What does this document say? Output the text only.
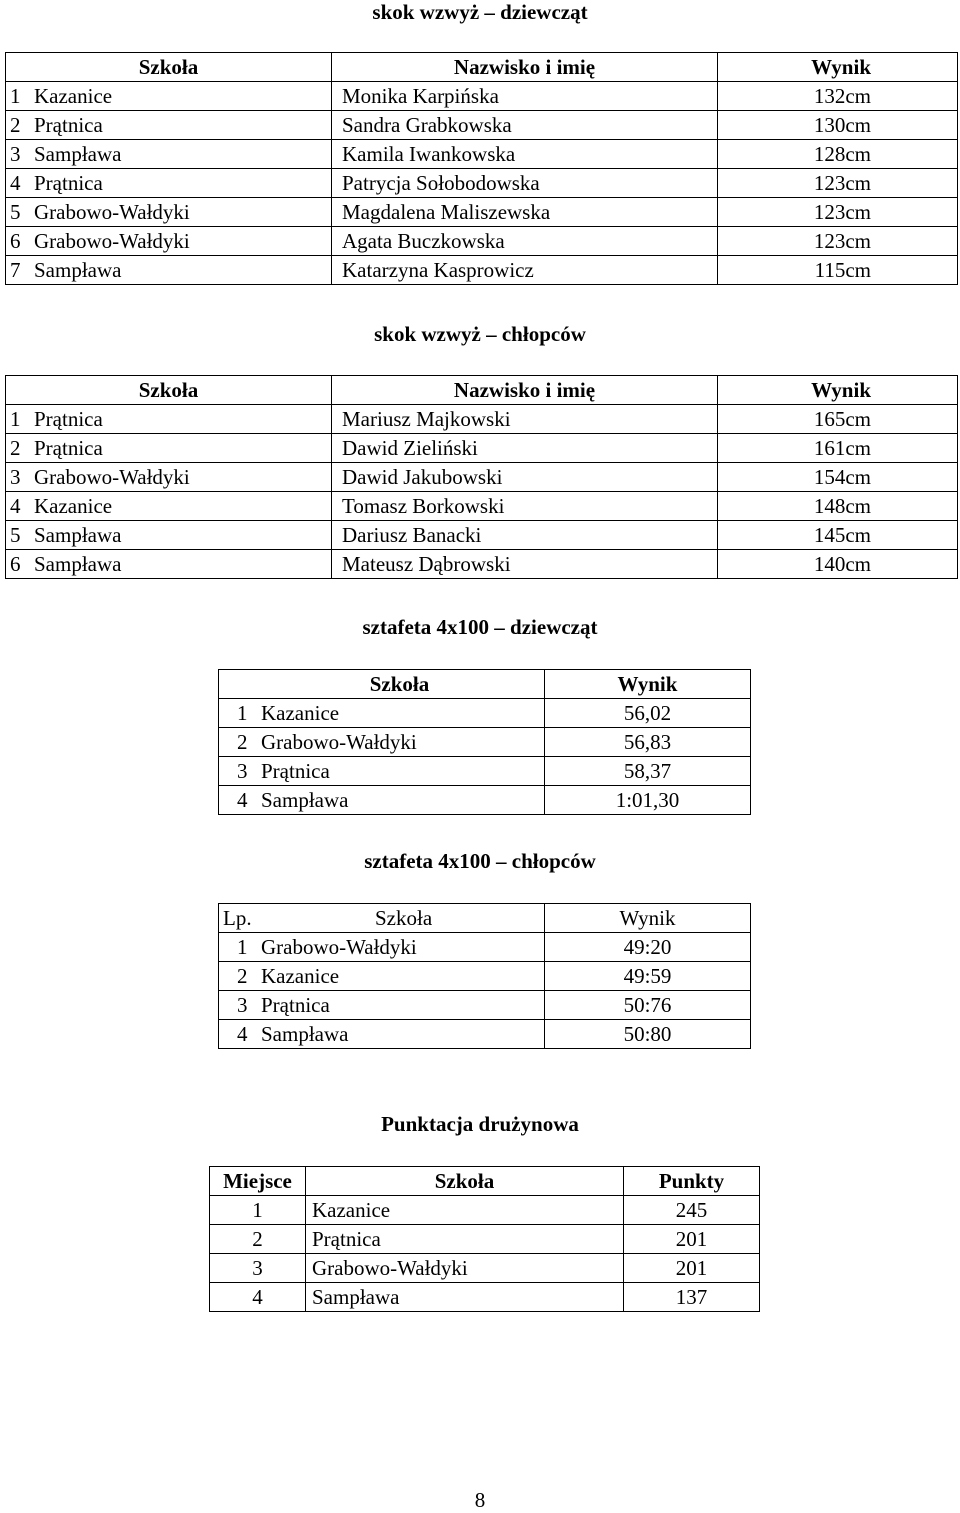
skok wzwyż – dziewcząt
Szkoła	Nazwisko i imię	Wynik
1 Kazanice	Monika Karpińska	132cm
2 Prątnica	Sandra Grabkowska	130cm
3 Sampława	Kamila Iwankowska	128cm
4 Prątnica	Patrycja Sołobodowska	123cm
5 Grabowo-Wałdyki	Magdalena Maliszewska	123cm
6 Grabowo-Wałdyki	Agata Buczkowska	123cm
7 Sampława	Katarzyna Kasprowicz	115cm
skok wzwyż – chłopców
Szkoła	Nazwisko i imię	Wynik
1 Prątnica	Mariusz Majkowski	165cm
2 Prątnica	Dawid Zieliński	161cm
3 Grabowo-Wałdyki	Dawid Jakubowski	154cm
4 Kazanice	Tomasz Borkowski	148cm
5 Sampława	Dariusz Banacki	145cm
6 Sampława	Mateusz Dąbrowski	140cm
sztafeta 4x100 – dziewcząt
Szkoła	Wynik
1 Kazanice	56,02
2 Grabowo-Wałdyki	56,83
3 Prątnica	58,37
4 Sampława	1:01,30
sztafeta 4x100 – chłopców
Lp. Szkoła	Wynik
1 Grabowo-Wałdyki	49:20
2 Kazanice	49:59
3 Prątnica	50:76
4 Sampława	50:80
Punktacja drużynowa
Miejsce	Szkoła	Punkty
1	Kazanice	245
2	Prątnica	201
3	Grabowo-Wałdyki	201
4	Sampława	137
8
